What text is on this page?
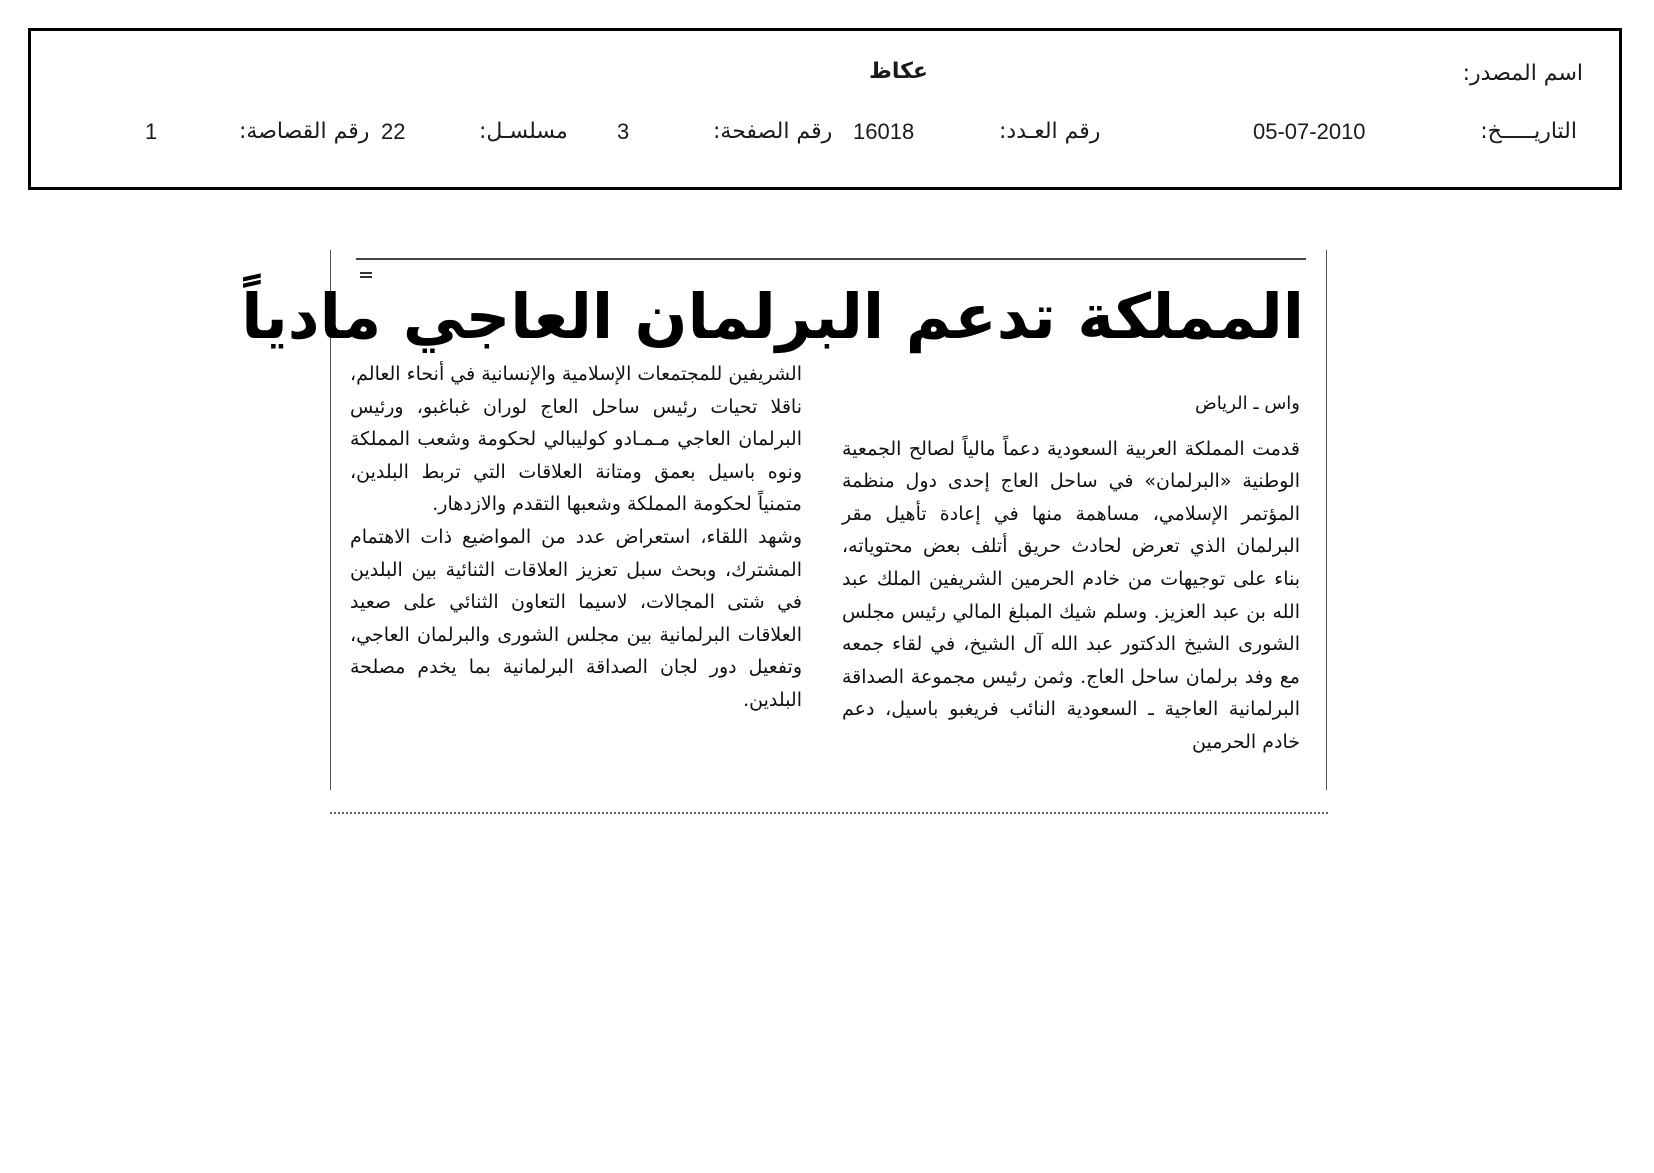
اسم المصدر:
عكاظ
التاريـــــخ:
05-07-2010
رقم العـدد:
16018
رقم الصفحة:
3
مسلسـل:
22
رقم القصاصة:
1
المملكة تدعم البرلمان العاجي مادياً

واس ـ الرياض

قدمت المملكة العربية السعودية دعماً مالياً لصالح الجمعية الوطنية «البرلمان» في ساحل العاج إحدى دول منظمة المؤتمر الإسلامي، مساهمة منها في إعادة تأهيل مقر البرلمان الذي تعرض لحادث حريق أتلف بعض محتوياته، بناء على توجيهات من خادم الحرمين الشريفين الملك عبد الله بن عبد العزيز. وسلم شيك المبلغ المالي رئيس مجلس الشورى الشيخ الدكتور عبد الله آل الشيخ، في لقاء جمعه مع وفد برلمان ساحل العاج. وثمن رئيس مجموعة الصداقة البرلمانية العاجية ـ السعودية النائب فريغبو باسيل، دعم خادم الحرمين

الشريفين للمجتمعات الإسلامية والإنسانية في أنحاء العالم، ناقلا تحيات رئيس ساحل العاج لوران غباغبو، ورئيس البرلمان العاجي مـمـادو كوليبالي لحكومة وشعب المملكة ونوه باسيل بعمق ومتانة العلاقات التي تربط البلدين، متمنياً لحكومة المملكة وشعبها التقدم والازدهار.

وشهد اللقاء، استعراض عدد من المواضيع ذات الاهتمام المشترك، وبحث سبل تعزيز العلاقات الثنائية بين البلدين في شتى المجالات، لاسيما التعاون الثنائي على صعيد العلاقات البرلمانية بين مجلس الشورى والبرلمان العاجي، وتفعيل دور لجان الصداقة البرلمانية بما يخدم مصلحة البلدين.
